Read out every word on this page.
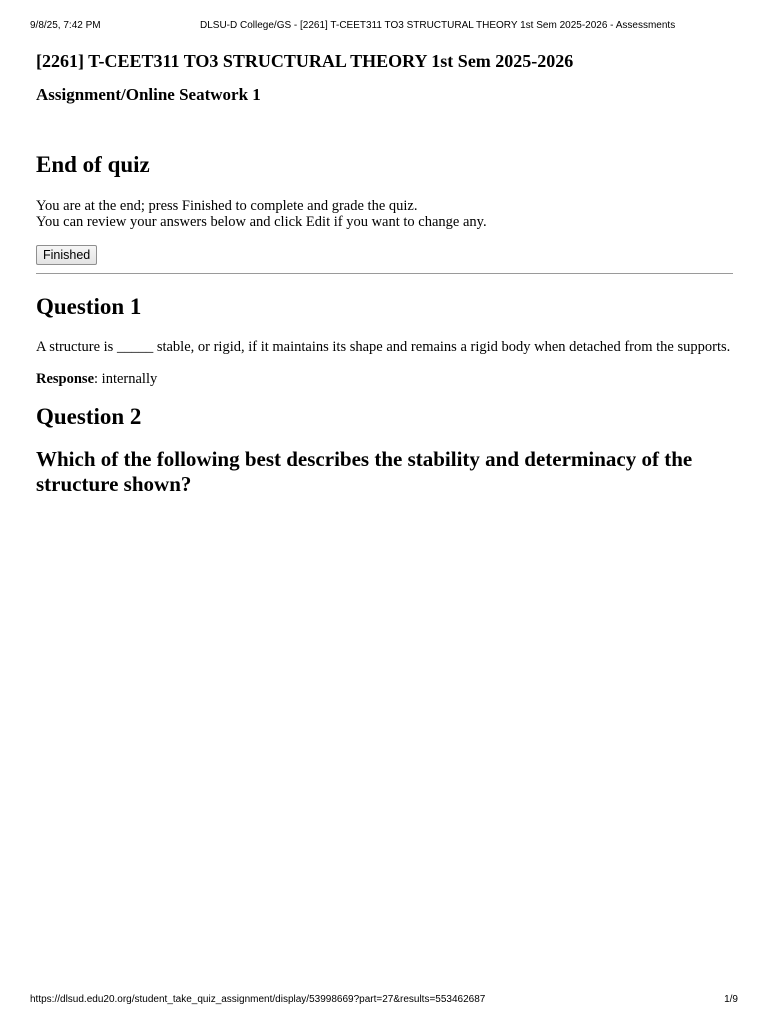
9/8/25, 7:42 PM	DLSU-D College/GS - [2261] T-CEET311 TO3 STRUCTURAL THEORY 1st Sem 2025-2026 - Assessments
[2261] T-CEET311 TO3 STRUCTURAL THEORY 1st Sem 2025-2026
Assignment/Online Seatwork 1
End of quiz

You are at the end; press Finished to complete and grade the quiz.
You can review your answers below and click Edit if you want to change any.

Finished
Question 1

A structure is _____ stable, or rigid, if it maintains its shape and remains a rigid body when detached from the supports.

Response: internally

Question 2

Which of the following best describes the stability and determinacy of the structure shown?

https://dlsud.edu20.org/student_take_quiz_assignment/display/53998669?part=27&results=553462687	1/9
